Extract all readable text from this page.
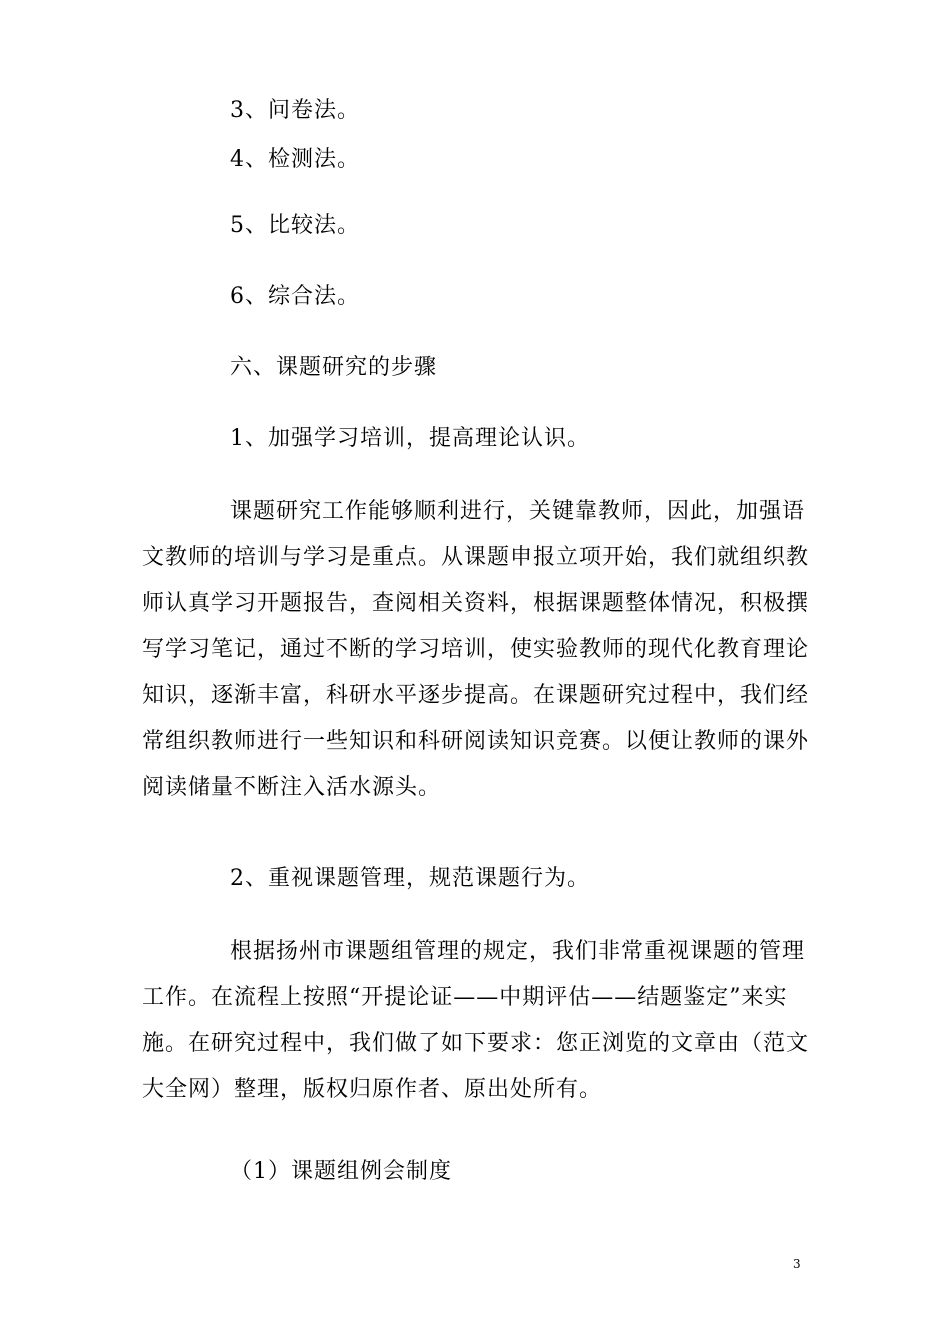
3、问卷法。
4、检测法。
5、比较法。
6、综合法。
六、课题研究的步骤
1、加强学习培训，提高理论认识。
课题研究工作能够顺利进行，关键靠教师，因此，加强语
文教师的培训与学习是重点。从课题申报立项开始，我们就组织教
师认真学习开题报告，查阅相关资料，根据课题整体情况，积极撰
写学习笔记，通过不断的学习培训，使实验教师的现代化教育理论
知识，逐渐丰富，科研水平逐步提高。在课题研究过程中，我们经
常组织教师进行一些知识和科研阅读知识竞赛。以便让教师的课外
阅读储量不断注入活水源头。
2、重视课题管理，规范课题行为。
根据扬州市课题组管理的规定，我们非常重视课题的管理
工作。在流程上按照“开提论证——中期评估——结题鉴定”来实
施。在研究过程中，我们做了如下要求：您正浏览的文章由（范文
大全网）整理，版权归原作者、原出处所有。
（1）课题组例会制度
3
